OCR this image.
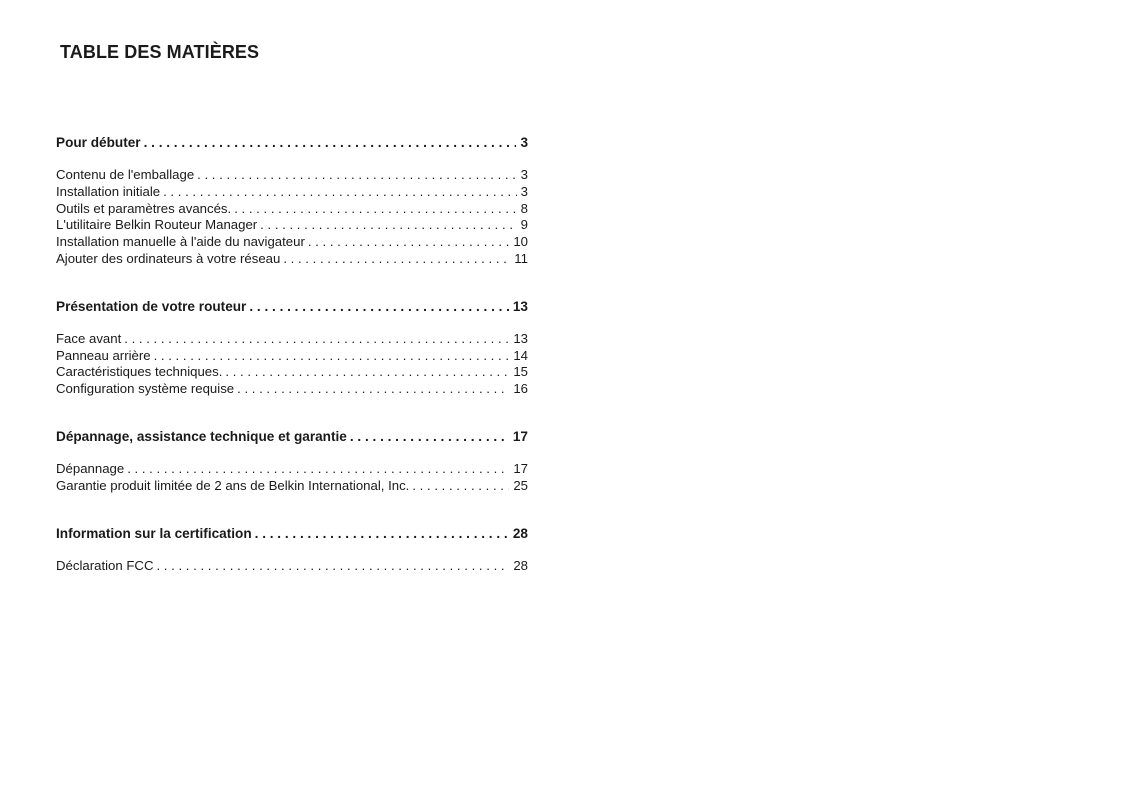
TABLE DES MATIÈRES
Pour débuter . . .	3
Contenu de l'emballage . . .	3
Installation initiale . . .	3
Outils et paramètres avancés. . . .	8
L'utilitaire Belkin Routeur Manager . . .	9
Installation manuelle à l'aide du navigateur . . .	10
Ajouter des ordinateurs à votre réseau . . .	11
Présentation de votre routeur . . .	13
Face avant . . .	13
Panneau arrière . . .	14
Caractéristiques techniques. . . .	15
Configuration système requise . . .	16
Dépannage, assistance technique et garantie . . .	17
Dépannage . . .	17
Garantie produit limitée de 2 ans de Belkin International, Inc. . . .	25
Information sur la certification . . .	28
Déclaration FCC . . .	28
